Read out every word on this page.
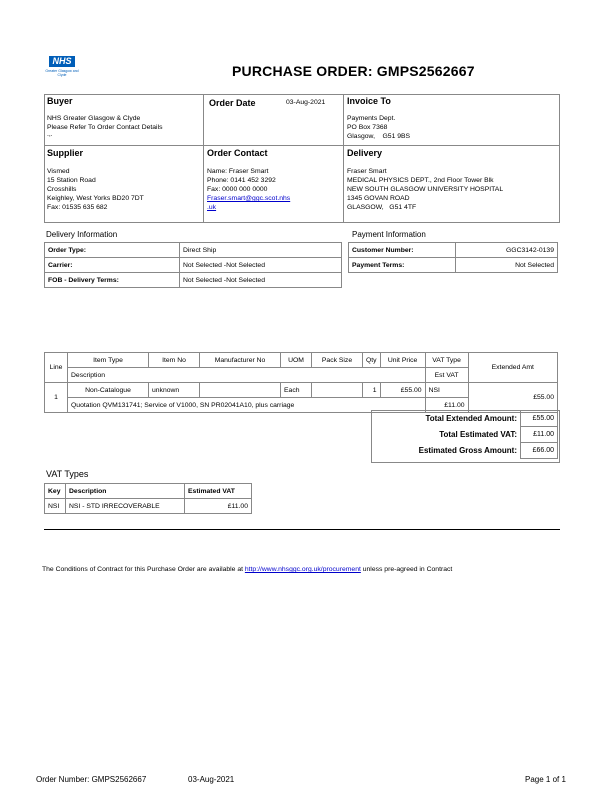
NHS
Greater Glasgow and Clyde	PURCHASE ORDER: GMPS2562667
Buyer
NHS Greater Glasgow & Clyde
Please Refer To Order Contact Details
.,.
Order Date	03-Aug-2021 Invoice To
Payments Dept.
PO Box 7368
Glasgow,    G51 9BS
Supplier
Vismed
15 Station Road
Crosshills
Keighley, West Yorks BD20 7DT
Fax: 01535 635 682
Order Contact
Name: Fraser Smart
Phone: 0141 452 3292
Fax: 0000 000 0000
Fraser.smart@ggc.scot.nhs
.uk
Delivery
Fraser Smart
MEDICAL PHYSICS DEPT., 2nd Floor Tower Blk
NEW SOUTH GLASGOW UNIVERSITY HOSPITAL
1345 GOVAN ROAD
GLASGOW,   G51 4TF
Delivery Information
Order Type:	Direct Ship
Carrier:	Not Selected -Not Selected
FOB - Delivery Terms:	Not Selected -Not Selected
Payment Information
Customer Number:	GGC3142-0139
Payment Terms:	Not Selected
Line	Item Type	Item No	Manufacturer No	UOM	Pack Size	Qty	Unit Price	VAT Type	Extended Amt
	Description							Est VAT	
1	Non-Catalogue	unknown		Each		1	£55.00	NSI	£55.00
	Quotation QVM131741; Service of V1000, SN PR02041A10, plus carriage							£11.00	
Total Extended Amount:	£55.00
Total Estimated VAT:	£11.00
Estimated Gross Amount:	£66.00
VAT Types
Key	Description	Estimated VAT
NSI	NSI - STD IRRECOVERABLE	£11.00
The Conditions of Contract for this Purchase Order are available at http://www.nhsggc.org.uk/procurement unless pre-agreed in Contract
Order Number: GMPS2562667	03-Aug-2021	Page 1 of 1
